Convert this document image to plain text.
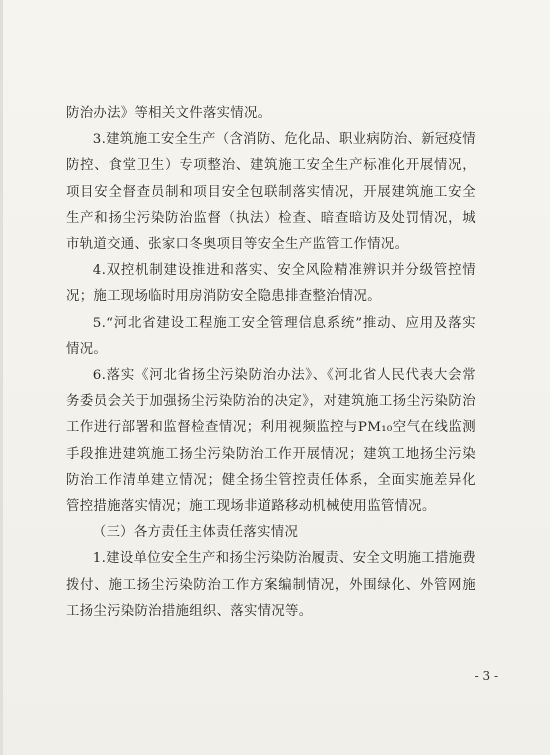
防治办法》等相关文件落实情况。

3.建筑施工安全生产（含消防、危化品、职业病防治、新冠疫情防控、食堂卫生）专项整治、建筑施工安全生产标准化开展情况，项目安全督查员制和项目安全包联制落实情况，开展建筑施工安全生产和扬尘污染防治监督（执法）检查、暗查暗访及处罚情况，城市轨道交通、张家口冬奥项目等安全生产监管工作情况。

4.双控机制建设推进和落实、安全风险精准辨识并分级管控情况；施工现场临时用房消防安全隐患排查整治情况。

5.“河北省建设工程施工安全管理信息系统”推动、应用及落实情况。

6.落实《河北省扬尘污染防治办法》、《河北省人民代表大会常务委员会关于加强扬尘污染防治的决定》，对建筑施工扬尘污染防治工作进行部署和监督检查情况；利用视频监控与PM₁₀空气在线监测手段推进建筑施工扬尘污染防治工作开展情况；建筑工地扬尘污染防治工作清单建立情况；健全扬尘管控责任体系，全面实施差异化管控措施落实情况；施工现场非道路移动机械使用监管情况。

（三）各方责任主体责任落实情况

1.建设单位安全生产和扬尘污染防治履责、安全文明施工措施费拨付、施工扬尘污染防治工作方案编制情况，外围绿化、外管网施工扬尘污染防治措施组织、落实情况等。

- 3 -
